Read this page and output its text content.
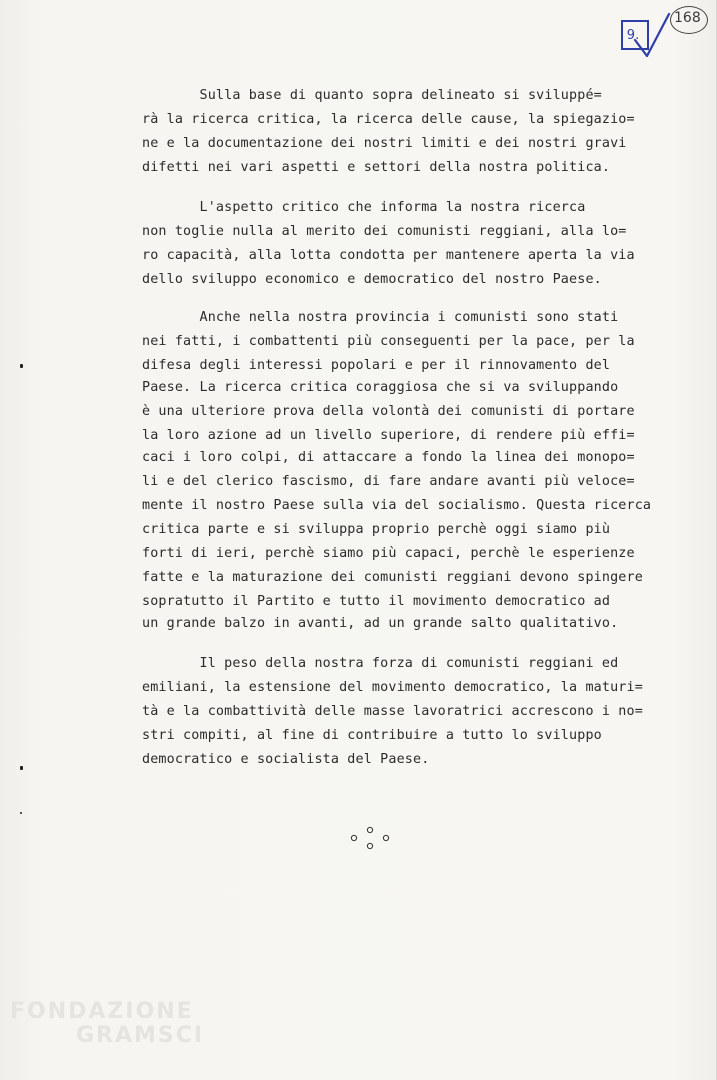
9.
168
Sulla base di quanto sopra delineato si sviluppé=
rà la ricerca critica, la ricerca delle cause, la spiegazio=
ne e la documentazione dei nostri limiti e dei nostri gravi
difetti nei vari aspetti e settori della nostra politica.
L'aspetto critico che informa la nostra ricerca
non toglie nulla al merito dei comunisti reggiani, alla lo=
ro capacità, alla lotta condotta per mantenere aperta la via
dello sviluppo economico e democratico del nostro Paese.
Anche nella nostra provincia i comunisti sono stati
nei fatti, i combattenti più conseguenti per la pace, per la
difesa degli interessi popolari e per il rinnovamento del
Paese. La ricerca critica coraggiosa che si va sviluppando
è una ulteriore prova della volontà dei comunisti di portare
la loro azione ad un livello superiore, di rendere più effi=
caci i loro colpi, di attaccare a fondo la linea dei monopo=
li e del clerico fascismo, di fare andare avanti più veloce=
mente il nostro Paese sulla via del socialismo. Questa ricerca
critica parte e si sviluppa proprio perchè oggi siamo più
forti di ieri, perchè siamo più capaci, perchè le esperienze
fatte e la maturazione dei comunisti reggiani devono spingere
sopratutto il Partito e tutto il movimento democratico ad
un grande balzo in avanti, ad un grande salto qualitativo.
Il peso della nostra forza di comunisti reggiani ed
emiliani, la estensione del movimento democratico, la maturi=
tà e la combattività delle masse lavoratrici accrescono i no=
stri compiti, al fine di contribuire a tutto lo sviluppo
democratico e socialista del Paese.
FONDAZIONE
GRAMSCI
